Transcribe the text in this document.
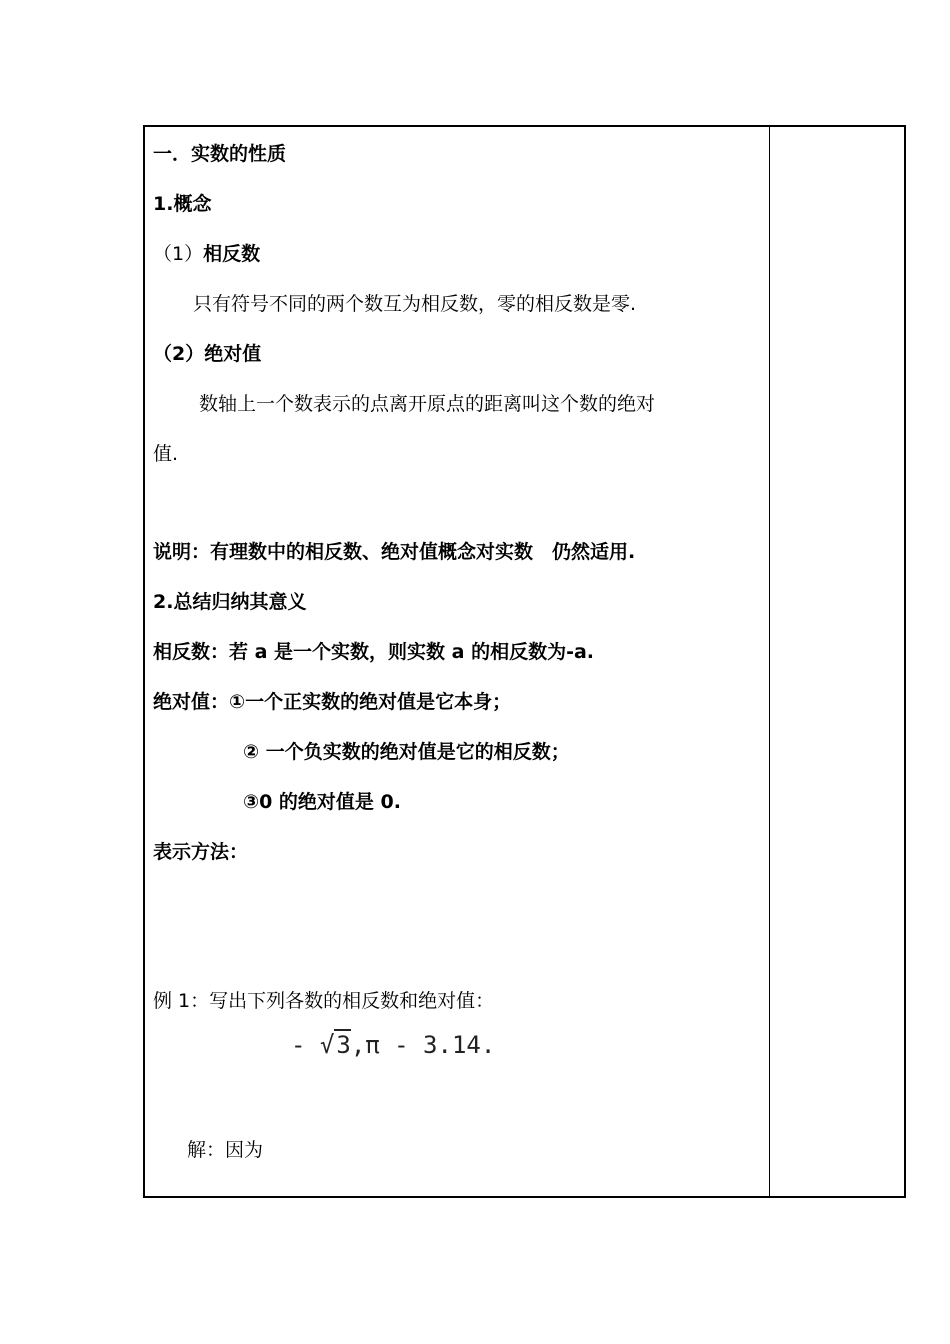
一．实数的性质
1.概念
（1）相反数
只有符号不同的两个数互为相反数，零的相反数是零.
（2）绝对值
数轴上一个数表示的点离开原点的距离叫这个数的绝对
值.
说明：有理数中的相反数、绝对值概念对实数　仍然适用.
2.总结归纳其意义
相反数：若 a 是一个实数，则实数 a 的相反数为-a.
绝对值：①一个正实数的绝对值是它本身；
② 一个负实数的绝对值是它的相反数；
③0 的绝对值是 0.
表示方法：
例 1：写出下列各数的相反数和绝对值：
- √3,π - 3.14.
解：因为
